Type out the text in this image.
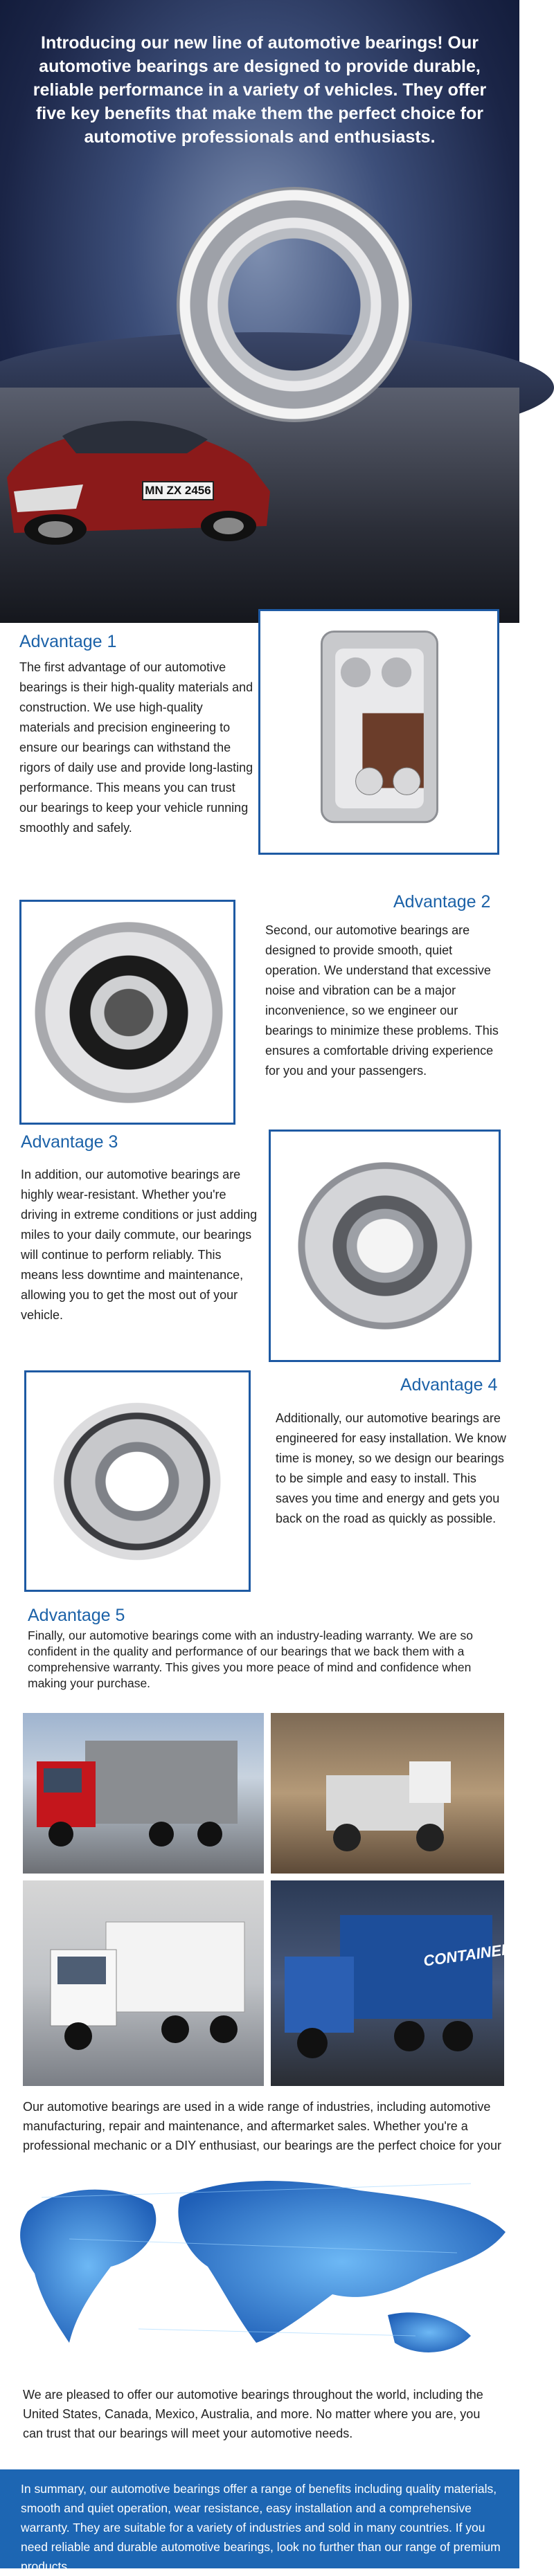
MN ZX 2456
Introducing our new line of automotive bearings! Our automotive bearings are designed to provide durable, reliable performance in a variety of vehicles. They offer five key benefits that make them the perfect choice for automotive professionals and enthusiasts.
Advantage 1
The first advantage of our automotive bearings is their high-quality materials and construction. We use high-quality materials and precision engineering to ensure our bearings can withstand the rigors of daily use and provide long-lasting performance. This means you can trust our bearings to keep your vehicle running smoothly and safely.
Advantage 2
Second, our automotive bearings are designed to provide smooth, quiet operation. We understand that excessive noise and vibration can be a major inconvenience, so we engineer our bearings to minimize these problems. This ensures a comfortable driving experience for you and your passengers.
Advantage 3
In addition, our automotive bearings are highly wear-resistant. Whether you're driving in extreme conditions or just adding miles to your daily commute, our bearings will continue to perform reliably. This means less downtime and maintenance, allowing you to get the most out of your vehicle.
Advantage 4
Additionally, our automotive bearings are engineered for easy installation. We know time is money, so we design our bearings to be simple and easy to install. This saves you time and energy and gets you back on the road as quickly as possible.
Advantage 5
Finally, our automotive bearings come with an industry-leading warranty. We are so confident in the quality and performance of our bearings that we back them with a comprehensive warranty. This gives you more peace of mind and confidence when making your purchase.
CONTAINER
Our automotive bearings are used in a wide range of industries, including automotive manufacturing, repair and maintenance, and aftermarket sales. Whether you're a professional mechanic or a DIY enthusiast, our bearings are the perfect choice for your
We are pleased to offer our automotive bearings throughout the world, including the United States, Canada, Mexico, Australia, and more. No matter where you are, you can trust that our bearings will meet your automotive needs.
In summary, our automotive bearings offer a range of benefits including quality materials, smooth and quiet operation, wear resistance, easy installation and a comprehensive warranty. They are suitable for a variety of industries and sold in many countries. If you need reliable and durable automotive bearings, look no further than our range of premium products.
